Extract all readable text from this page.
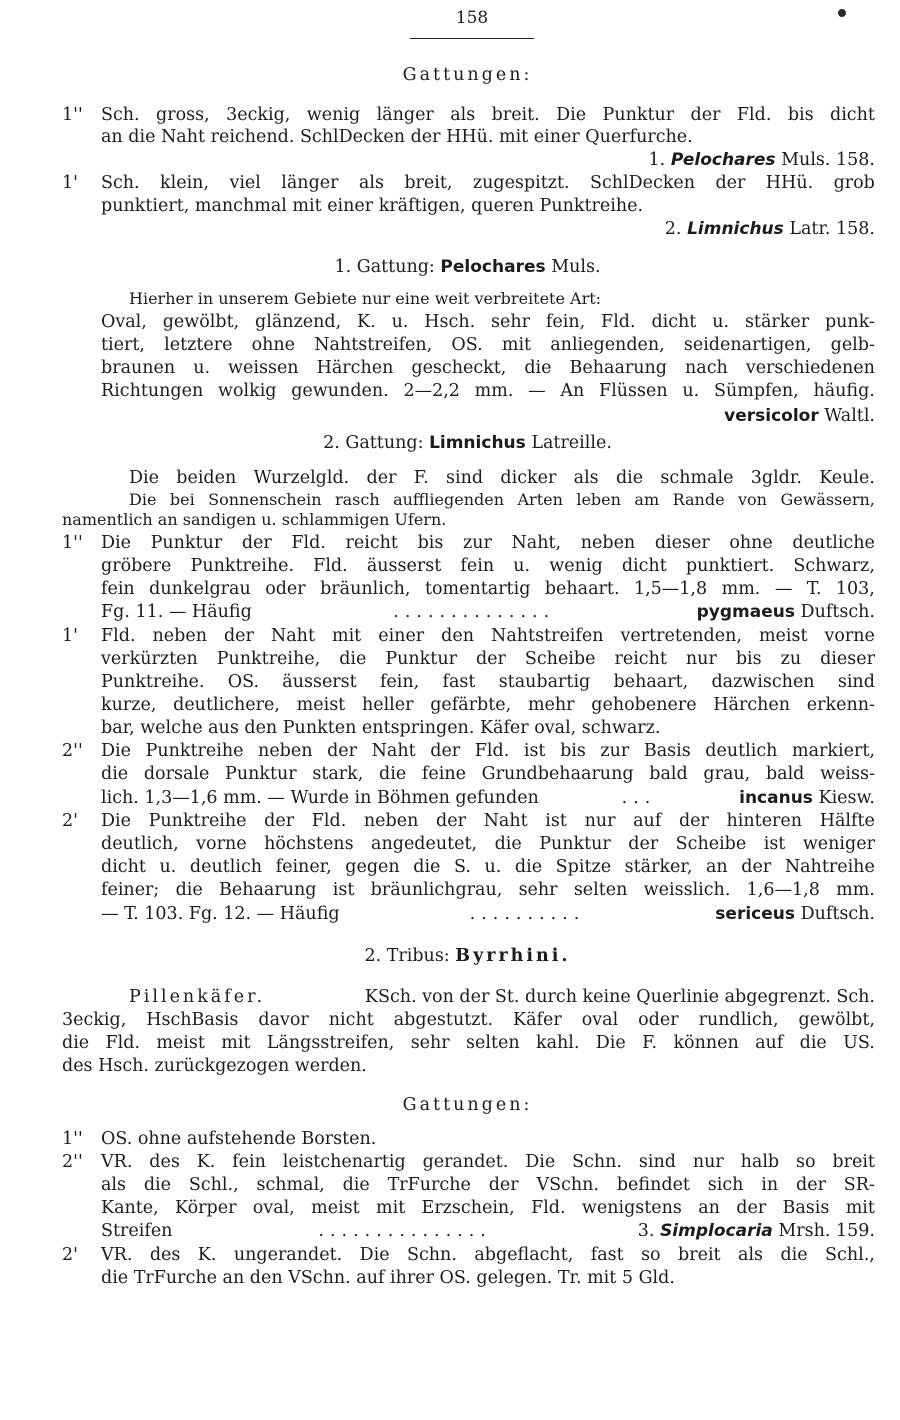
158
Gattungen:
1'' Sch. gross, 3eckig, wenig länger als breit. Die Punktur der Fld. bis dicht
an die Naht reichend. SchlDecken der HHü. mit einer Querfurche.
1.
Pelochares
Muls. 158.
1' Sch. klein, viel länger als breit, zugespitzt. SchlDecken der HHü. grob
punktiert, manchmal mit einer kräftigen, queren Punktreihe.
2.
Limnichus
Latr. 158.
1. Gattung:
Pelochares
Muls.
Hierher in unserem Gebiete nur eine weit verbreitete Art:
Oval, gewölbt, glänzend, K. u. Hsch. sehr fein, Fld. dicht u. stärker punk-
tiert, letztere ohne Nahtstreifen, OS. mit anliegenden, seidenartigen, gelb-
braunen u. weissen Härchen gescheckt, die Behaarung nach verschiedenen
Richtungen wolkig gewunden. 2—2,2 mm. — An Flüssen u. Sümpfen, häufig.
versicolor
Waltl.
2. Gattung:
Limnichus
Latreille.
Die beiden Wurzelgld. der F. sind dicker als die schmale 3gldr. Keule.
Die bei Sonnenschein rasch auffliegenden Arten leben am Rande von Gewässern,
namentlich an sandigen u. schlammigen Ufern.
1'' Die Punktur der Fld. reicht bis zur Naht, neben dieser ohne deutliche
gröbere Punktreihe. Fld. äusserst fein u. wenig dicht punktiert. Schwarz,
fein dunkelgrau oder bräunlich, tomentartig behaart. 1,5—1,8 mm. — T. 103,
Fg. 11. — Häufig	..............	pygmaeus Duftsch.
1' Fld. neben der Naht mit einer den Nahtstreifen vertretenden, meist vorne
verkürzten Punktreihe, die Punktur der Scheibe reicht nur bis zu dieser
Punktreihe. OS. äusserst fein, fast staubartig behaart, dazwischen sind
kurze, deutlichere, meist heller gefärbte, mehr gehobenere Härchen erkenn-
bar, welche aus den Punkten entspringen. Käfer oval, schwarz.
2'' Die Punktreihe neben der Naht der Fld. ist bis zur Basis deutlich markiert,
die dorsale Punktur stark, die feine Grundbehaarung bald grau, bald weiss-
lich. 1,3—1,6 mm. — Wurde in Böhmen gefunden	...	incanus Kiesw.
2' Die Punktreihe der Fld. neben der Naht ist nur auf der hinteren Hälfte
deutlich, vorne höchstens angedeutet, die Punktur der Scheibe ist weniger
dicht u. deutlich feiner, gegen die S. u. die Spitze stärker, an der Nahtreihe
feiner; die Behaarung ist bräunlichgrau, sehr selten weisslich. 1,6—1,8 mm.
— T. 103. Fg. 12. — Häufig	..........	sericeus Duftsch.
2. Tribus:
Byrrhini.
Pillenkäfer.	KSch. von der St. durch keine Querlinie abgegrenzt. Sch.
3eckig, HschBasis davor nicht abgestutzt. Käfer oval oder rundlich, gewölbt,
die Fld. meist mit Längsstreifen, sehr selten kahl. Die F. können auf die US.
des Hsch. zurückgezogen werden.
Gattungen:
1'' OS. ohne aufstehende Borsten.
2'' VR. des K. fein leistchenartig gerandet. Die Schn. sind nur halb so breit
als die Schl., schmal, die TrFurche der VSchn. befindet sich in der SR-
Kante, Körper oval, meist mit Erzschein, Fld. wenigstens an der Basis mit
Streifen	...............	3. Simplocaria Mrsh. 159.
2' VR. des K. ungerandet. Die Schn. abgeflacht, fast so breit als die Schl.,
die TrFurche an den VSchn. auf ihrer OS. gelegen. Tr. mit 5 Gld.
